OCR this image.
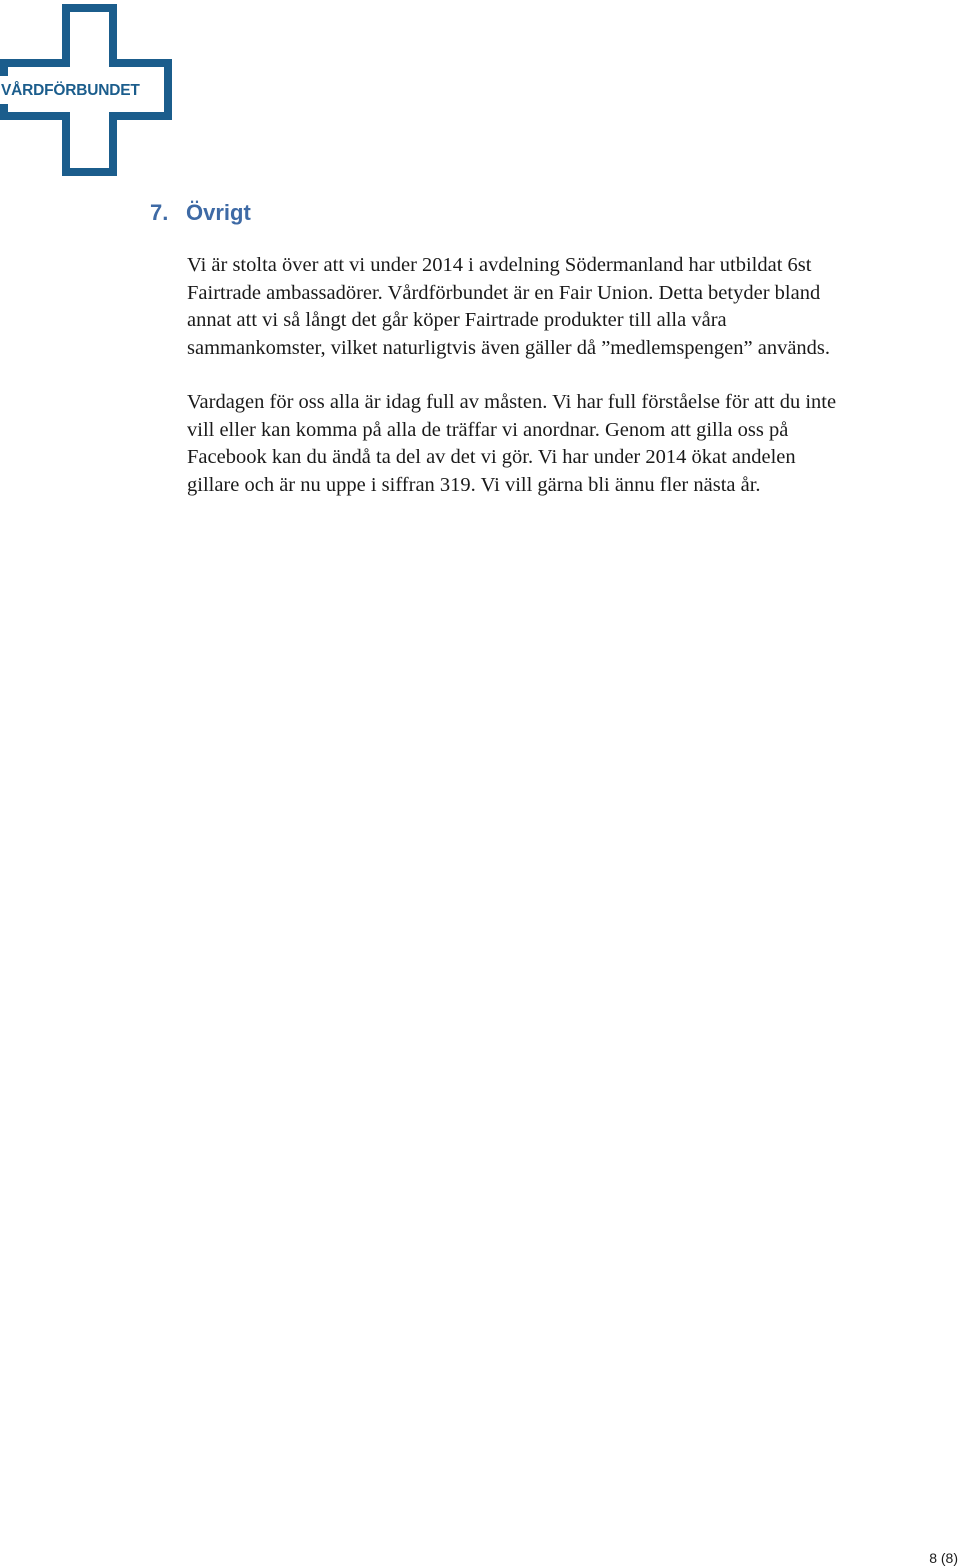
VÅRDFÖRBUNDET
7. Övrigt
Vi är stolta över att vi under 2014 i avdelning Södermanland har utbildat 6st
Fairtrade ambassadörer. Vårdförbundet är en Fair Union. Detta betyder bland
annat att vi så långt det går köper Fairtrade produkter till alla våra
sammankomster, vilket naturligtvis även gäller då ”medlemspengen” används.
Vardagen för oss alla är idag full av måsten. Vi har full förståelse för att du inte
vill eller kan komma på alla de träffar vi anordnar. Genom att gilla oss på
Facebook kan du ändå ta del av det vi gör. Vi har under 2014 ökat andelen
gillare och är nu uppe i siffran 319. Vi vill gärna bli ännu fler nästa år.
8 (8)
